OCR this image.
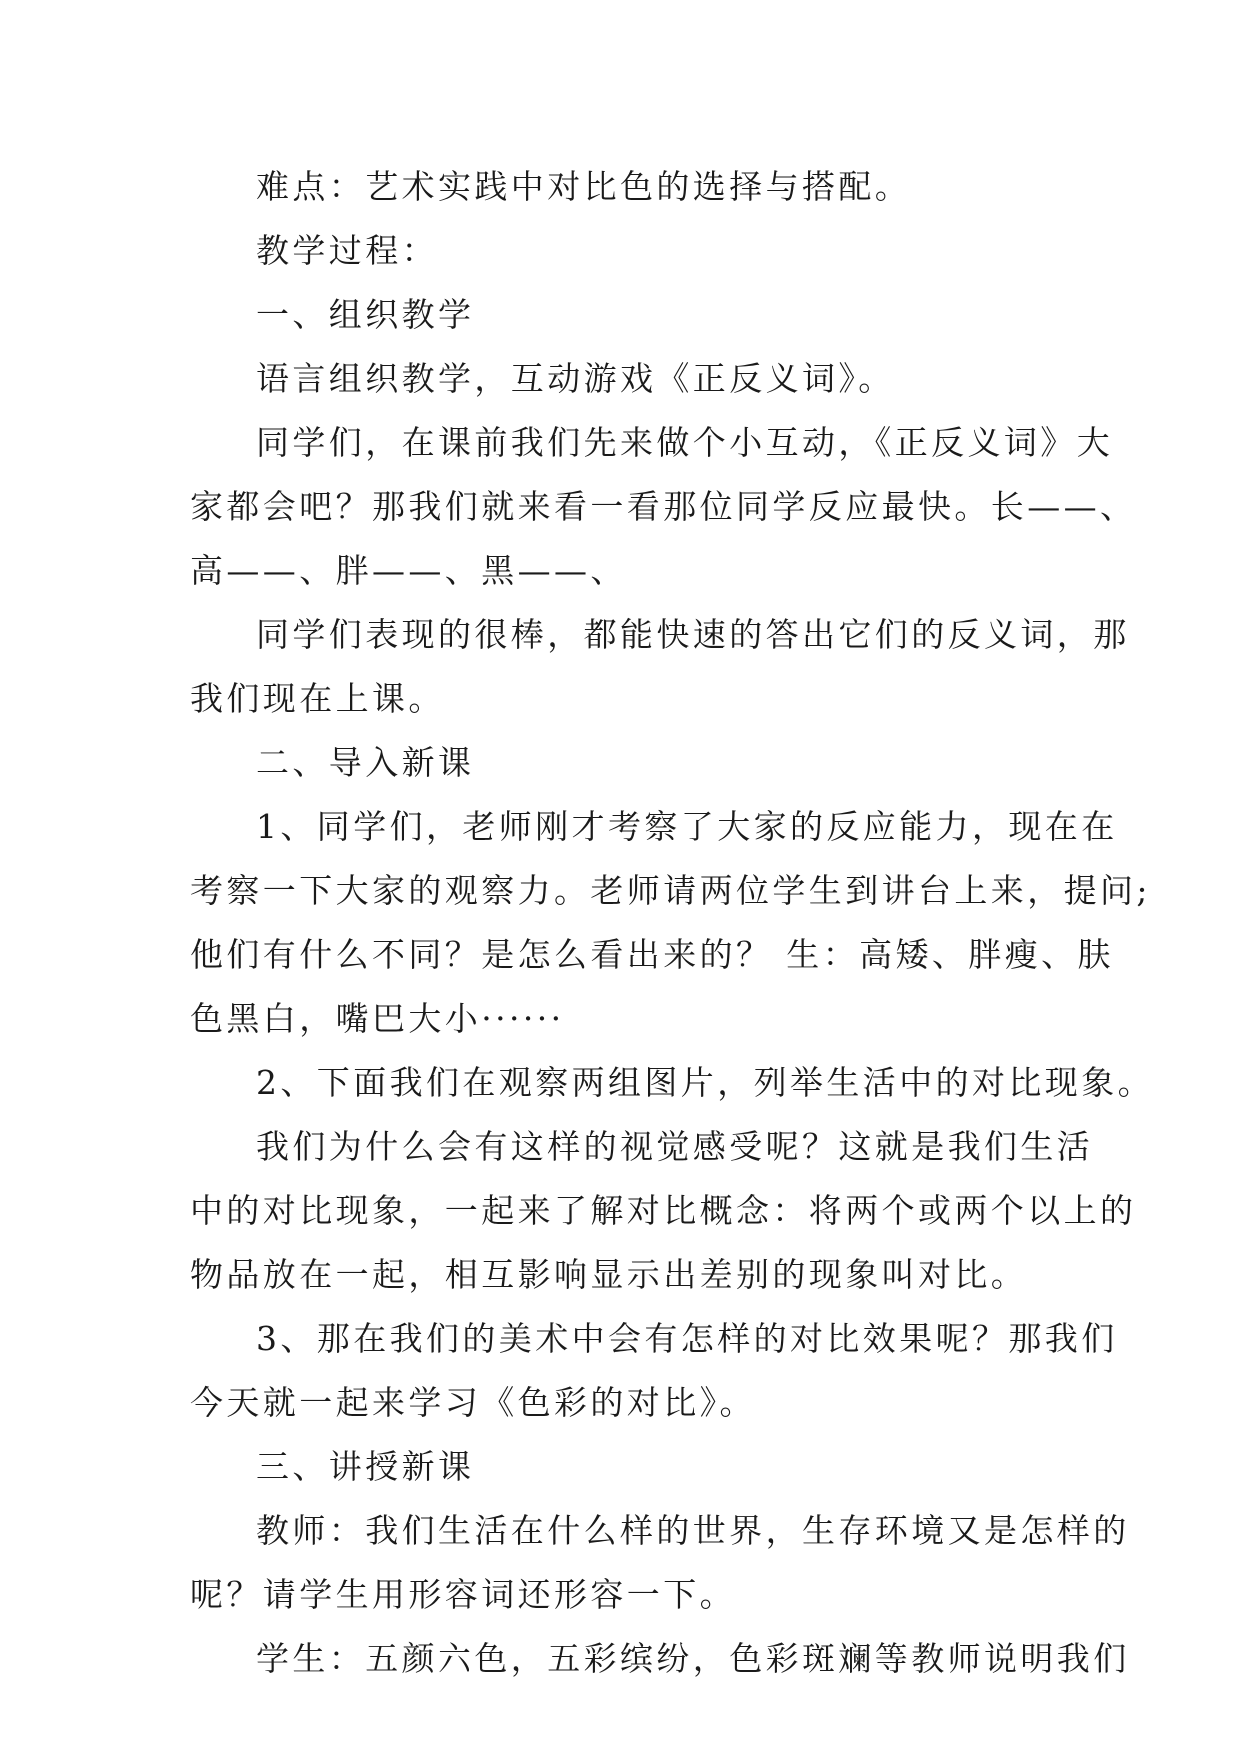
难点：艺术实践中对比色的选择与搭配。
教学过程：
一、组织教学
语言组织教学，互动游戏《正反义词》。
同学们，在课前我们先来做个小互动，《正反义词》大
家都会吧？那我们就来看一看那位同学反应最快。长——、
高——、胖——、黑——、
同学们表现的很棒，都能快速的答出它们的反义词，那
我们现在上课。
二、导入新课
1、同学们，老师刚才考察了大家的反应能力，现在在
考察一下大家的观察力。老师请两位学生到讲台上来，提问;
他们有什么不同？是怎么看出来的？ 生：高矮、胖瘦、肤
色黑白，嘴巴大小······
2、下面我们在观察两组图片，列举生活中的对比现象。
我们为什么会有这样的视觉感受呢？这就是我们生活
中的对比现象，一起来了解对比概念：将两个或两个以上的
物品放在一起，相互影响显示出差别的现象叫对比。
3、那在我们的美术中会有怎样的对比效果呢？那我们
今天就一起来学习《色彩的对比》。
三、讲授新课
教师：我们生活在什么样的世界，生存环境又是怎样的
呢？请学生用形容词还形容一下。
学生：五颜六色，五彩缤纷，色彩斑斓等教师说明我们
